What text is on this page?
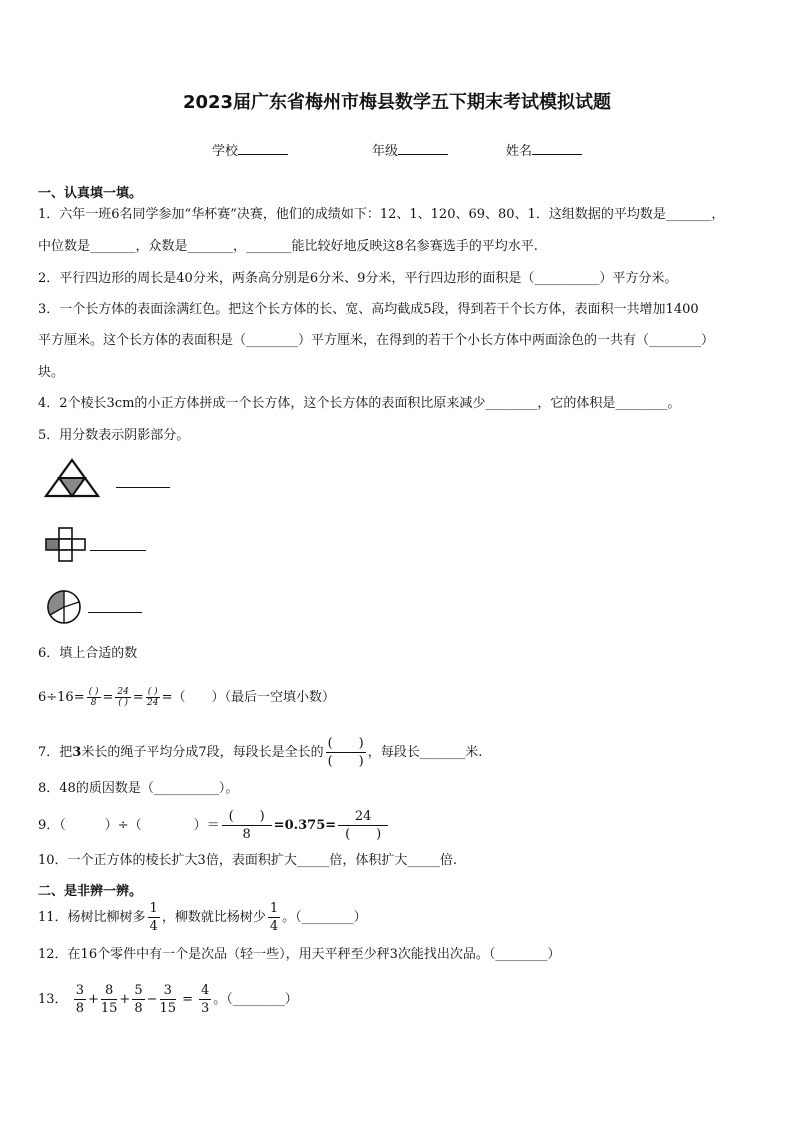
2023届广东省梅州市梅县数学五下期末考试模拟试题
学校	年级	姓名
一、认真填一填。
1．六年一班6名同学参加“华杯赛”决赛，他们的成绩如下：12、1、120、69、80、1．这组数据的平均数是_______，
中位数是_______，众数是_______，_______能比较好地反映这8名参赛选手的平均水平.
2．平行四边形的周长是40分米，两条高分别是6分米、9分米，平行四边形的面积是（__________）平方分米。
3．一个长方体的表面涂满红色。把这个长方体的长、宽、高均截成5段，得到若干个长方体，表面积一共增加1400
平方厘米。这个长方体的表面积是（________）平方厘米，在得到的若干个小长方体中两面涂色的一共有（________）
块。
4．2个棱长3cm的小正方体拼成一个长方体，这个长方体的表面积比原来减少________，它的体积是________。
5．用分数表示阴影部分。
6．填上合适的数
$6\div 16= \frac{( )}{8} = \frac{24}{( )} = \frac{( )}{24}$ =（　　）（最后一空填小数）
7．把3米长的绳子平均分成7段，每段长是全长的 $\frac{( )}{( )}$ ，每段长_______米.
8．48的质因数是（__________）。
9．（　　　）÷（　　　　）＝ $\frac{( )}{8} =0.375= \frac{24}{( )}$
10．一个正方体的棱长扩大3倍，表面积扩大_____倍，体积扩大_____倍.
二、是非辨一辨。
11．杨树比柳树多 $\frac{1}{4}$ ，柳数就比杨树少 $\frac{1}{4}$ 。（________）
12．在16个零件中有一个是次品（轻一些），用天平秤至少秤3次能找出次品。（________）
13． $\frac{3}{8} + \frac{8}{15} + \frac{5}{8} - \frac{3}{15} = \frac{4}{3}$ 。（________）
